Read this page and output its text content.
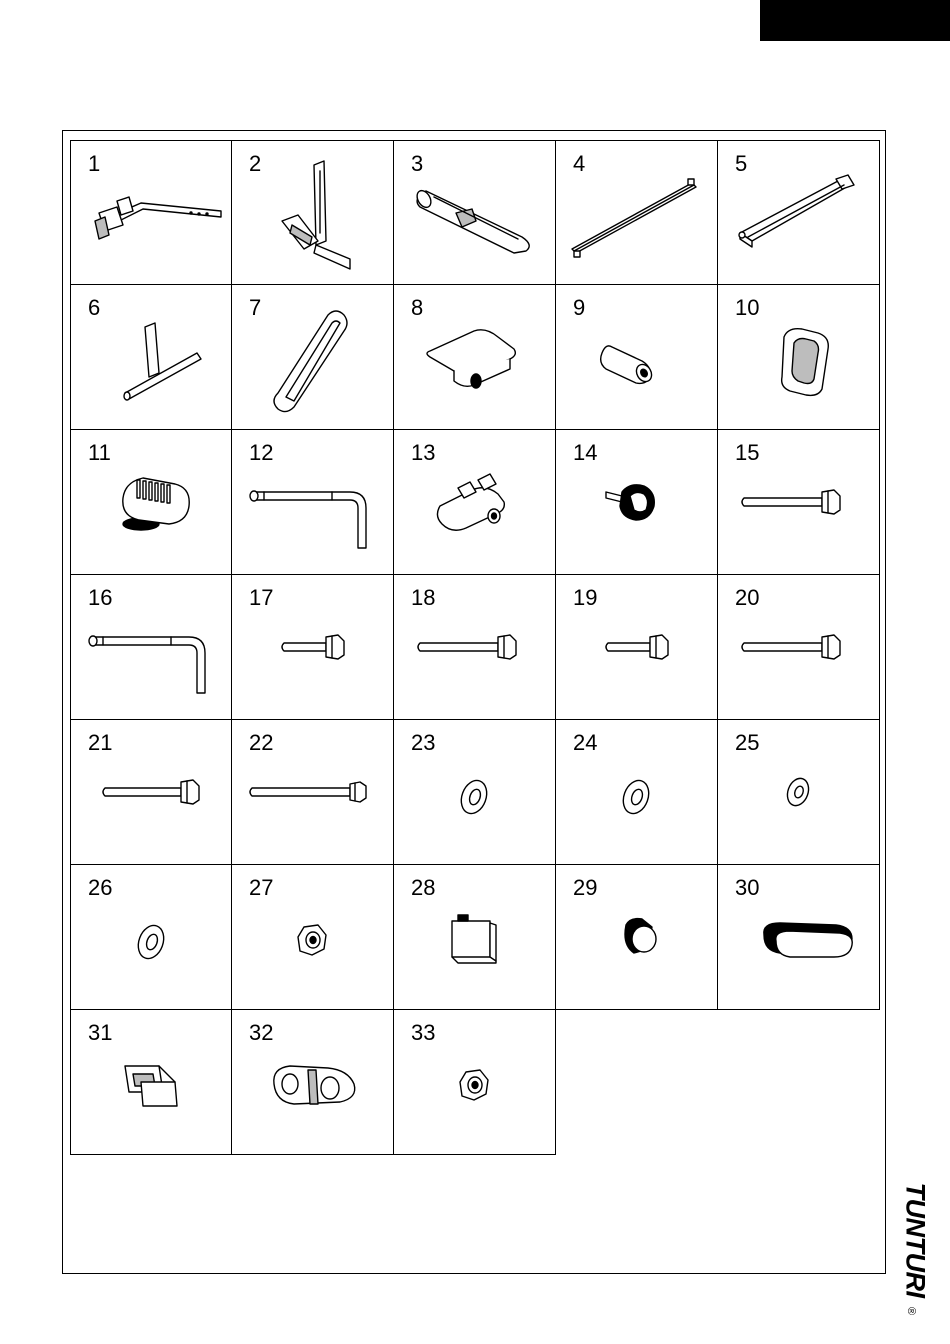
1	2	3	4	5
6	7	8	9	10
11	12	13	14	15
16	17	18	19	20
21	22	23	24	25
26	27	28	29	30
31	32	33
TUNTURI
®
